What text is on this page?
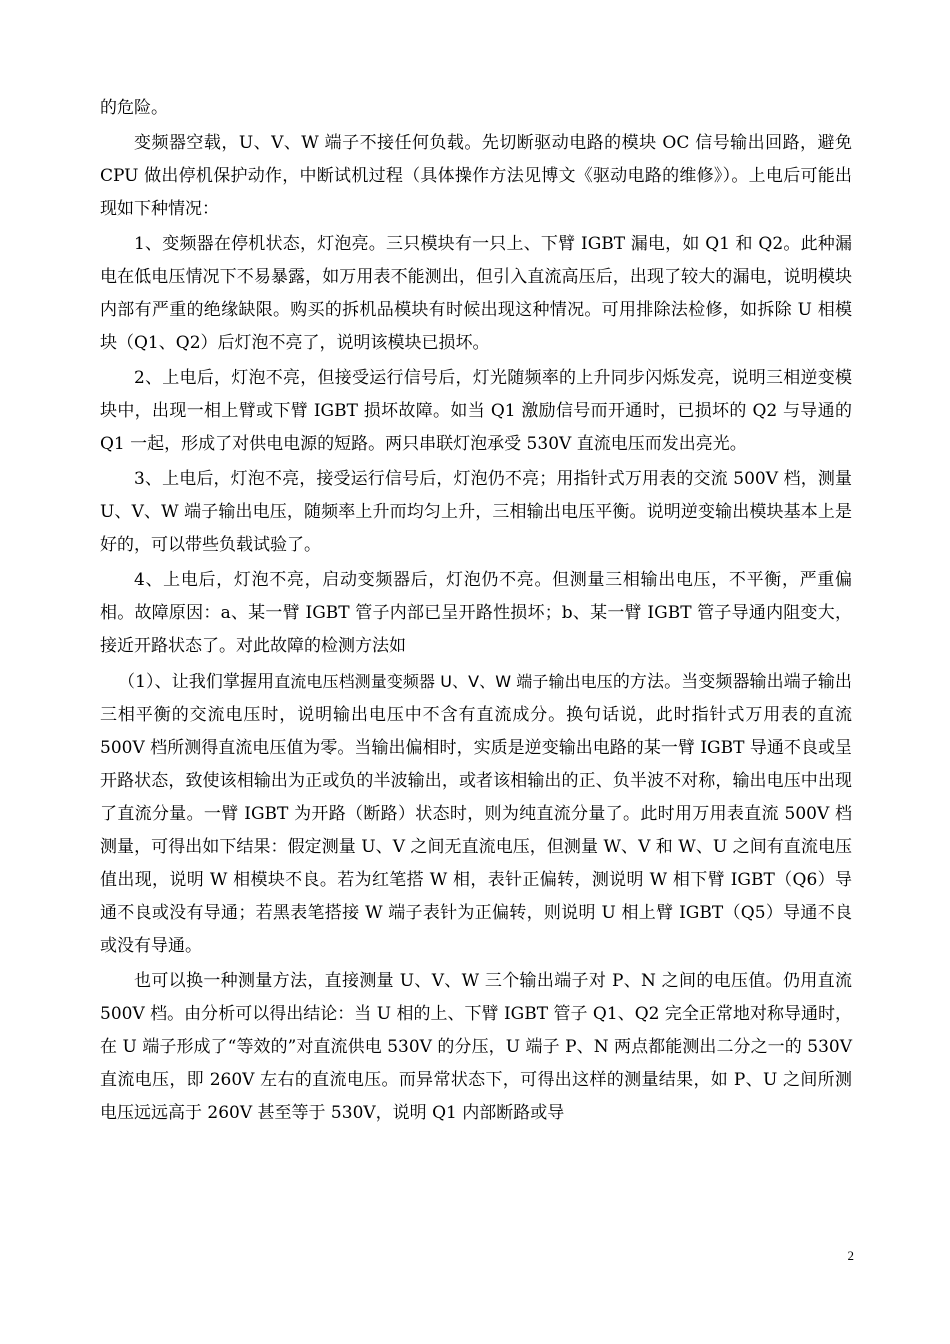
的危险。

变频器空载，U、V、W 端子不接任何负载。先切断驱动电路的模块 OC 信号输出回路，避免 CPU 做出停机保护动作，中断试机过程（具体操作方法见博文《驱动电路的维修》）。上电后可能出现如下种情况：

1、变频器在停机状态，灯泡亮。三只模块有一只上、下臂 IGBT 漏电，如 Q1 和 Q2。此种漏电在低电压情况下不易暴露，如万用表不能测出，但引入直流高压后，出现了较大的漏电，说明模块内部有严重的绝缘缺限。购买的拆机品模块有时候出现这种情况。可用排除法检修，如拆除 U 相模块（Q1、Q2）后灯泡不亮了，说明该模块已损坏。

2、上电后，灯泡不亮，但接受运行信号后，灯光随频率的上升同步闪烁发亮，说明三相逆变模块中，出现一相上臂或下臂 IGBT 损坏故障。如当 Q1 激励信号而开通时，已损坏的 Q2 与导通的 Q1 一起，形成了对供电电源的短路。两只串联灯泡承受 530V 直流电压而发出亮光。

3、上电后，灯泡不亮，接受运行信号后，灯泡仍不亮；用指针式万用表的交流 500V 档，测量 U、V、W 端子输出电压，随频率上升而均匀上升，三相输出电压平衡。说明逆变输出模块基本上是好的，可以带些负载试验了。

4、上电后，灯泡不亮，启动变频器后，灯泡仍不亮。但测量三相输出电压，不平衡，严重偏相。故障原因：a、某一臂 IGBT 管子内部已呈开路性损坏；b、某一臂 IGBT 管子导通内阻变大，接近开路状态了。对此故障的检测方法如

（1）、让我们掌握用直流电压档测量变频器 U、V、W 端子输出电压的方法。当变频器输出端子输出三相平衡的交流电压时，说明输出电压中不含有直流成分。换句话说，此时指针式万用表的直流 500V 档所测得直流电压值为零。当输出偏相时，实质是逆变输出电路的某一臂 IGBT 导通不良或呈开路状态，致使该相输出为正或负的半波输出，或者该相输出的正、负半波不对称，输出电压中出现了直流分量。一臂 IGBT 为开路（断路）状态时，则为纯直流分量了。此时用万用表直流 500V 档测量，可得出如下结果：假定测量 U、V 之间无直流电压，但测量 W、V 和 W、U 之间有直流电压值出现，说明 W 相模块不良。若为红笔搭 W 相，表针正偏转，测说明 W 相下臂 IGBT（Q6）导通不良或没有导通；若黑表笔搭接 W 端子表针为正偏转，则说明 U 相上臂 IGBT（Q5）导通不良或没有导通。

也可以换一种测量方法，直接测量 U、V、W 三个输出端子对 P、N 之间的电压值。仍用直流 500V 档。由分析可以得出结论：当 U 相的上、下臂 IGBT 管子 Q1、Q2 完全正常地对称导通时，在 U 端子形成了“等效的”对直流供电 530V 的分压，U 端子 P、N 两点都能测出二分之一的 530V 直流电压，即 260V 左右的直流电压。而异常状态下，可得出这样的测量结果，如 P、U 之间所测电压远远高于 260V 甚至等于 530V，说明 Q1 内部断路或导

2
